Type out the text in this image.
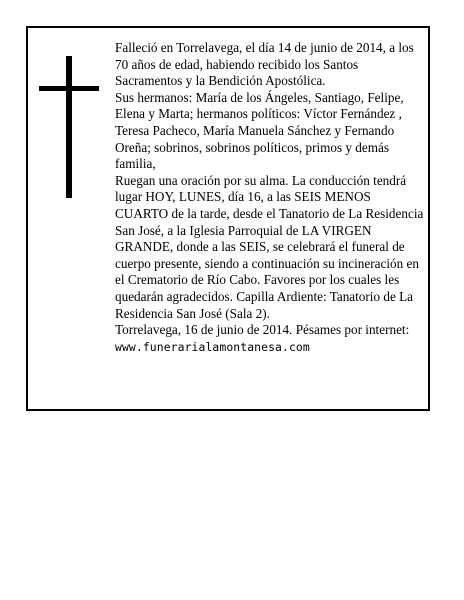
Falleció en Torrelavega, el día 14 de junio de 2014, a los 70 años de edad, habiendo recibido los Santos Sacramentos y la Bendición Apostólica.

Sus hermanos: María de los Ángeles, Santiago, Felipe, Elena y Marta; hermanos políticos: Víctor Fernández , Teresa Pacheco, María Manuela Sánchez y Fernando Oreña; sobrinos, sobrinos políticos, primos y demás familia,

Ruegan una oración por su alma. La conducción tendrá lugar HOY, LUNES, día 16, a las SEIS MENOS CUARTO de la tarde, desde el Tanatorio de La Residencia San José, a la Iglesia Parroquial de LA VIRGEN GRANDE, donde a las SEIS, se celebrará el funeral de cuerpo presente, siendo a continuación su incineración en el Crematorio de Río Cabo. Favores por los cuales les quedarán agradecidos. Capilla Ardiente: Tanatorio de La Residencia San José (Sala 2).

Torrelavega, 16 de junio de 2014. Pésames por internet:

www.funerarialamontanesa.com
